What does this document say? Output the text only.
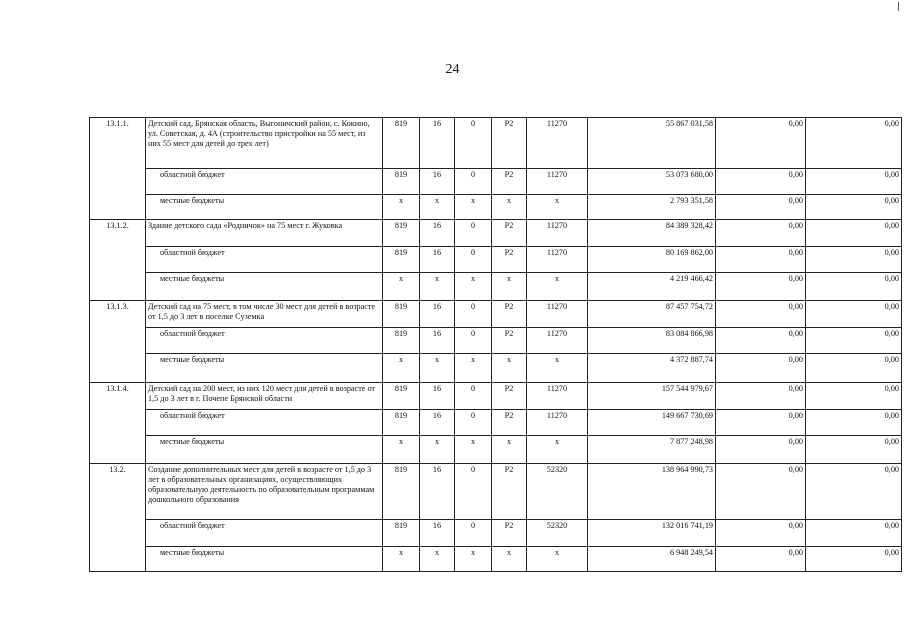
24
13.1.1.	Детский сад, Брянская область, Выгоничский район, с. Кокино, ул. Советская, д. 4А (строительство пристройки на 55 мест, из них 55 мест для детей до трех лет)	819	16	0	P2	11270	55 867 031,58	0,00	0,00
	областной бюджет	819	16	0	P2	11270	53 073 680,00	0,00	0,00
	местные бюджеты	x	x	x	x	x	2 793 351,58	0,00	0,00
13.1.2.	Здание детского сада «Родничок» на 75 мест г. Жуковка	819	16	0	P2	11270	84 389 328,42	0,00	0,00
	областной бюджет	819	16	0	P2	11270	80 169 862,00	0,00	0,00
	местные бюджеты	x	x	x	x	x	4 219 466,42	0,00	0,00
13.1.3.	Детский сад на 75 мест, в том числе 30 мест для детей в возрасте от 1,5 до 3 лет в поселке Суземка	819	16	0	P2	11270	87 457 754,72	0,00	0,00
	областной бюджет	819	16	0	P2	11270	83 084 866,98	0,00	0,00
	местные бюджеты	x	x	x	x	x	4 372 887,74	0,00	0,00
13.1.4.	Детский сад на 200 мест, из них 120 мест для детей в возрасте от 1,5 до 3 лет в г. Почепе Брянской области	819	16	0	P2	11270	157 544 979,67	0,00	0,00
	областной бюджет	819	16	0	P2	11270	149 667 730,69	0,00	0,00
	местные бюджеты	x	x	x	x	x	7 877 248,98	0,00	0,00
13.2.	Создание дополнительных мест для детей в возрасте от 1,5 до 3 лет в образовательных организациях, осуществляющих образовательную деятельность по образовательным программам дошкольного образования	819	16	0	P2	52320	138 964 990,73	0,00	0,00
	областной бюджет	819	16	0	P2	52320	132 016 741,19	0,00	0,00
	местные бюджеты	x	x	x	x	x	6 948 249,54	0,00	0,00
